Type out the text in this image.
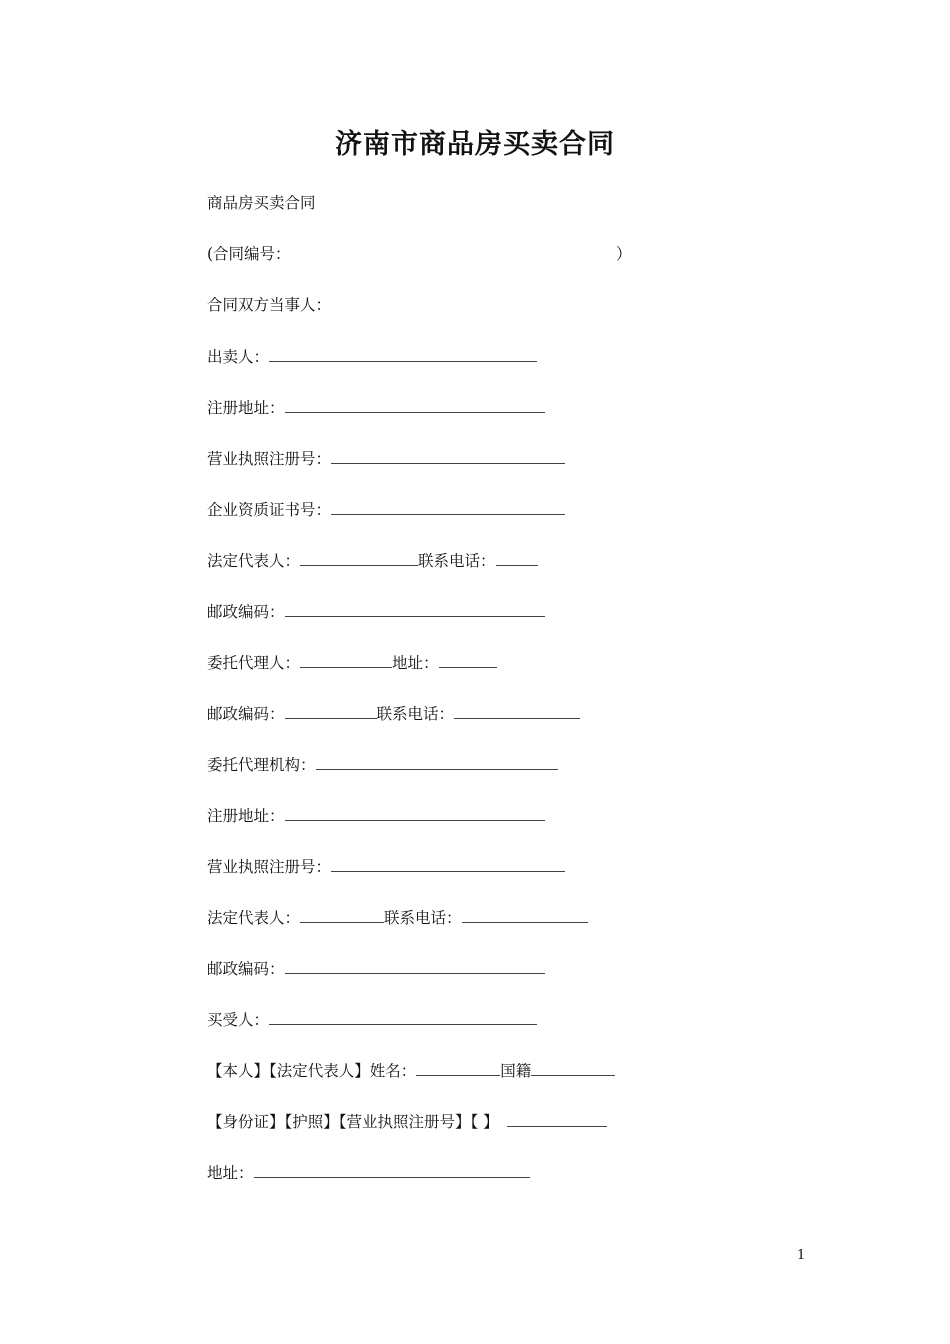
济南市商品房买卖合同
商品房买卖合同
(合同编号：	）
合同双方当事人：
出卖人：
注册地址：
营业执照注册号：
企业资质证书号：
法定代表人：	联系电话：
邮政编码：
委托代理人：	地址：
邮政编码：	联系电话：
委托代理机构：
注册地址：
营业执照注册号：
法定代表人：	联系电话：
邮政编码：
买受人：
【本人】【法定代表人】姓名：	国籍
【身份证】【护照】【营业执照注册号】【 】
地址：
1
